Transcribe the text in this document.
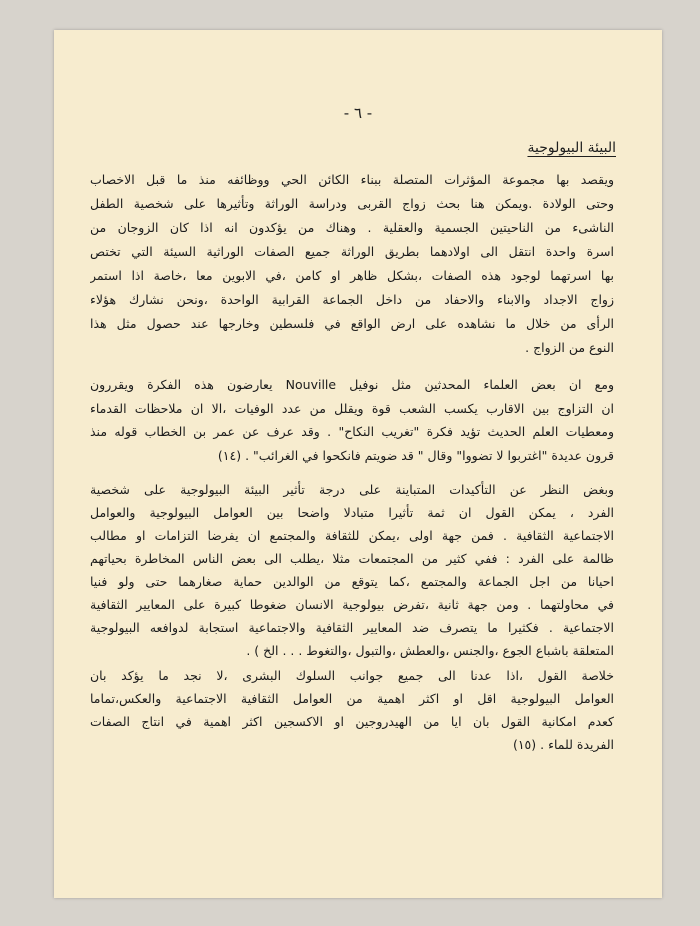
- ٦ -
البيئة البيولوجية
ويقصد بها مجموعة المؤثرات المتصلة ببناء الكائن الحي ووظائفه منذ ما قبل الاخصاب
وحتى الولادة .ويمكن هنا بحث زواج القربى ودراسة الوراثة وتأثيرها على شخصية الطفل
الناشىء من الناحيتين الجسمية والعقلية . وهناك من يؤكدون انه اذا كان الزوجان من
اسرة واحدة انتقل الى اولادهما بطريق الوراثة جميع الصفات الوراثية السيئة التي تختص
بها اسرتهما لوجود هذه الصفات ،بشكل ظاهر او كامن ،في الابوين معا ،خاصة اذا استمر
زواج الاجداد والابناء والاحفاد من داخل الجماعة القرابية الواحدة ،ونحن نشارك هؤلاء
الرأى من خلال ما نشاهده على ارض الواقع في فلسطين وخارجها عند حصول مثل هذا
النوع من الزواج .
ومع ان بعض العلماء المحدثين مثل نوفيل Nouville يعارضون هذه الفكرة ويقررون
ان التزاوج بين الاقارب يكسب الشعب قوة ويقلل من عدد الوفيات ،الا ان ملاحظات القدماء
ومعطيات العلم الحديث تؤيد فكرة "تغريب النكاح" . وقد عرف عن عمر بن الخطاب قوله منذ
قرون عديدة "اغتربوا لا تضووا" وقال " قد ضويتم فانكحوا في الغرائب" . (١٤)
وبغض النظر عن التأكيدات المتباينة على درجة تأثير البيئة البيولوجية على شخصية
الفرد ، يمكن القول ان ثمة تأثيرا متبادلا واضحا بين العوامل البيولوجية والعوامل
الاجتماعية الثقافية . فمن جهة اولى ،يمكن للثقافة والمجتمع ان يفرضا التزامات او مطالب
ظالمة على الفرد : ففي كثير من المجتمعات مثلا ،يطلب الى بعض الناس المخاطرة بحياتهم
احيانا من اجل الجماعة والمجتمع ،كما يتوقع من الوالدين حماية صغارهما حتى ولو فنيا
في محاولتهما . ومن جهة ثانية ،تفرض بيولوجية الانسان ضغوطا كبيرة على المعايير الثقافية
الاجتماعية . فكثيرا ما يتصرف ضد المعايير الثقافية والاجتماعية استجابة لدوافعه البيولوجية
المتعلقة باشباع الجوع ،والجنس ،والعطش ،والتبول ،والتغوط . . . الخ ) .
خلاصة القول ،اذا عدنا الى جميع جوانب السلوك البشرى ،لا نجد ما يؤكد بان
العوامل البيولوجية اقل او اكثر اهمية من العوامل الثقافية الاجتماعية والعكس،تماما
كعدم امكانية القول بان ايا من الهيدروجين او الاكسجين اكثر اهمية في انتاج الصفات
الفريدة للماء . (١٥)
